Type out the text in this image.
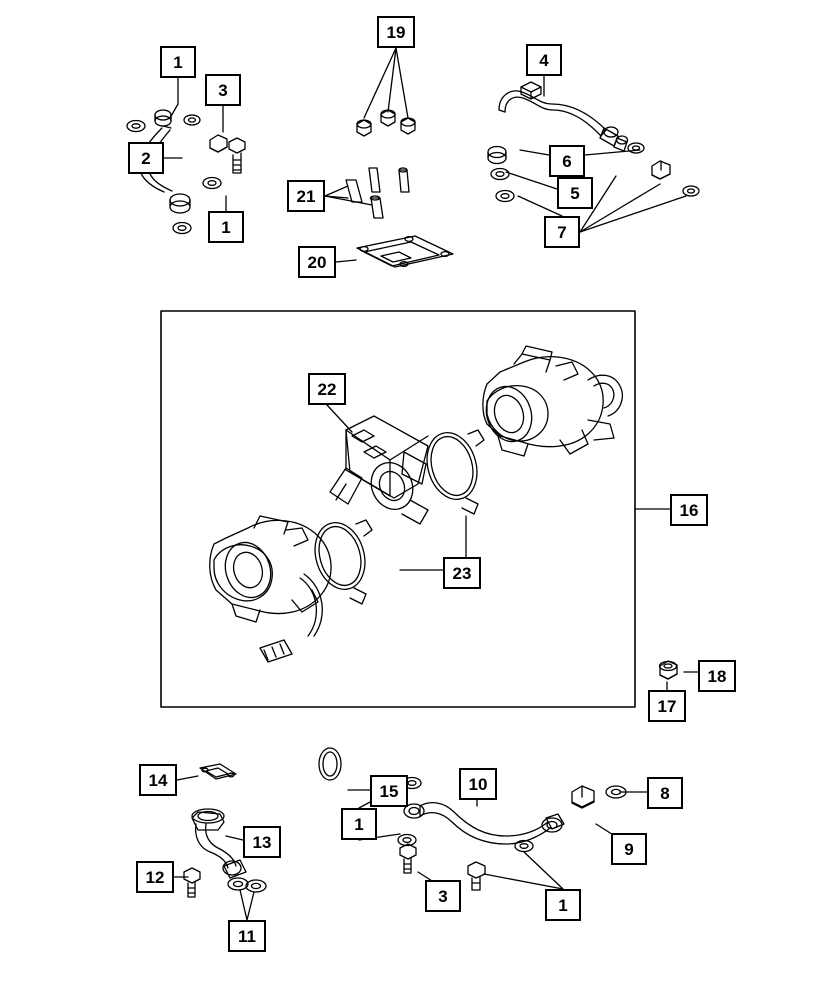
1
3
2
1
19
21
20
4
6
5
7
22
23
16
18
17
14
13
12
11
15
1
10
3	1
9
8
